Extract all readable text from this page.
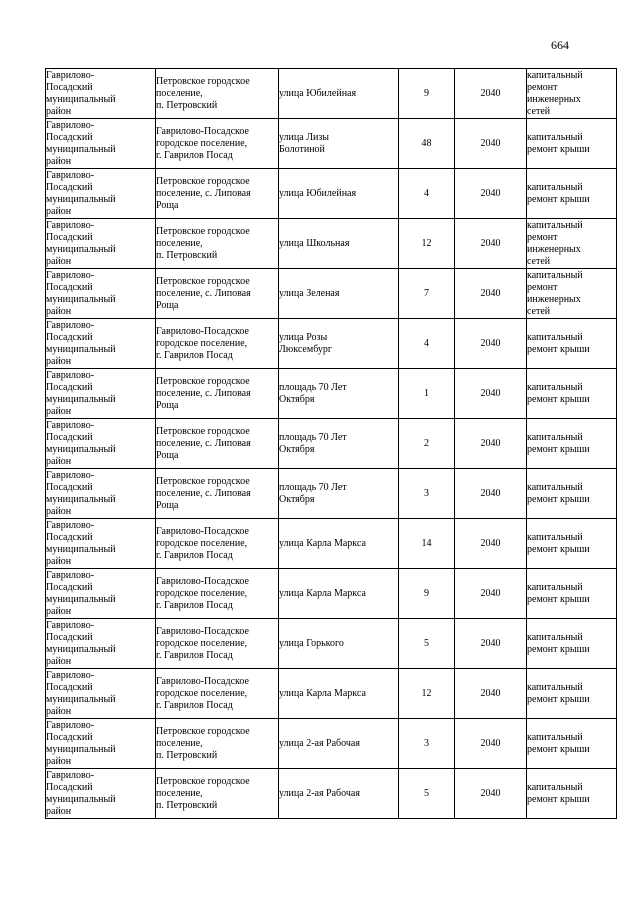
664
Гаврилово-
Посадский
муниципальный
район	Петровское городское
поселение,
п. Петровский	улица Юбилейная	9	2040	капитальный
ремонт
инженерных
сетей

Гаврилово-
Посадский
муниципальный
район	Гаврилово-Посадское
городское поселение,
г. Гаврилов Посад	улица Лизы
Болотиной	48	2040	капитальный
ремонт крыши

Гаврилово-
Посадский
муниципальный
район	Петровское городское
поселение, с. Липовая
Роща	улица Юбилейная	4	2040	капитальный
ремонт крыши

Гаврилово-
Посадский
муниципальный
район	Петровское городское
поселение,
п. Петровский	улица Школьная	12	2040	капитальный
ремонт
инженерных
сетей

Гаврилово-
Посадский
муниципальный
район	Петровское городское
поселение, с. Липовая
Роща	улица Зеленая	7	2040	капитальный
ремонт
инженерных
сетей

Гаврилово-
Посадский
муниципальный
район	Гаврилово-Посадское
городское поселение,
г. Гаврилов Посад	улица Розы
Люксембург	4	2040	капитальный
ремонт крыши

Гаврилово-
Посадский
муниципальный
район	Петровское городское
поселение, с. Липовая
Роща	площадь 70 Лет
Октября	1	2040	капитальный
ремонт крыши

Гаврилово-
Посадский
муниципальный
район	Петровское городское
поселение, с. Липовая
Роща	площадь 70 Лет
Октября	2	2040	капитальный
ремонт крыши

Гаврилово-
Посадский
муниципальный
район	Петровское городское
поселение, с. Липовая
Роща	площадь 70 Лет
Октября	3	2040	капитальный
ремонт крыши

Гаврилово-
Посадский
муниципальный
район	Гаврилово-Посадское
городское поселение,
г. Гаврилов Посад	улица Карла Маркса	14	2040	капитальный
ремонт крыши

Гаврилово-
Посадский
муниципальный
район	Гаврилово-Посадское
городское поселение,
г. Гаврилов Посад	улица Карла Маркса	9	2040	капитальный
ремонт крыши

Гаврилово-
Посадский
муниципальный
район	Гаврилово-Посадское
городское поселение,
г. Гаврилов Посад	улица Горького	5	2040	капитальный
ремонт крыши

Гаврилово-
Посадский
муниципальный
район	Гаврилово-Посадское
городское поселение,
г. Гаврилов Посад	улица Карла Маркса	12	2040	капитальный
ремонт крыши

Гаврилово-
Посадский
муниципальный
район	Петровское городское
поселение,
п. Петровский	улица 2-ая Рабочая	3	2040	капитальный
ремонт крыши

Гаврилово-
Посадский
муниципальный
район	Петровское городское
поселение,
п. Петровский	улица 2-ая Рабочая	5	2040	капитальный
ремонт крыши
